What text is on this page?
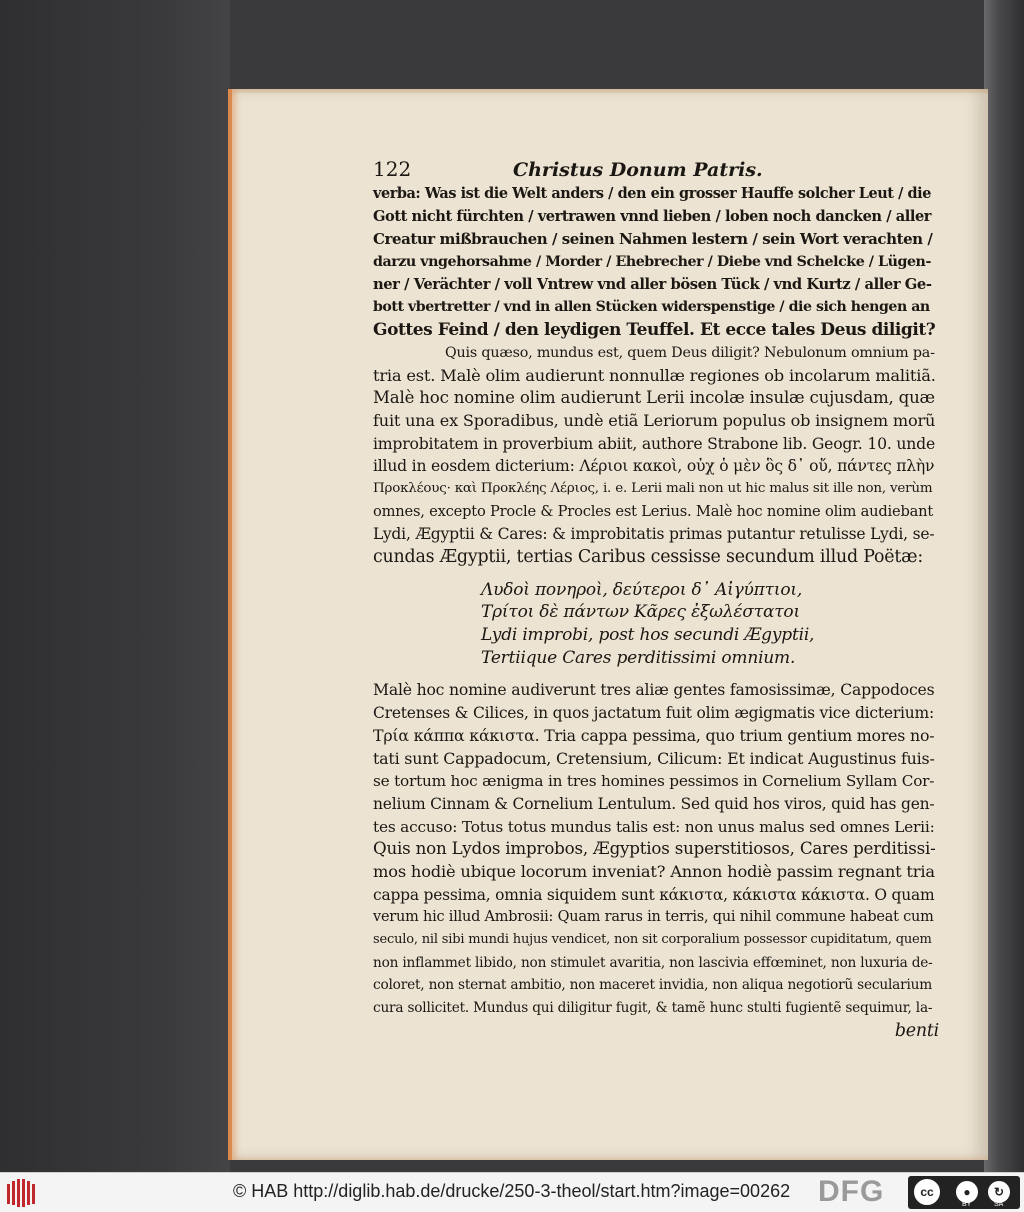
122	Christus Donum Patris.
verba: Was ist die Welt anders / den ein grosser Hauffe solcher Leut / die
Gott nicht fürchten / vertrawen vnnd lieben / loben noch dancken / aller
Creatur mißbrauchen / seinen Nahmen lestern / sein Wort verachten /
darzu vngehorsahme / Morder / Ehebrecher / Diebe vnd Schelcke / Lügen-
ner / Verächter / voll Vntrew vnd aller bösen Tück / vnd Kurtz / aller Ge-
bott vbertretter / vnd in allen Stücken widerspenstige / die sich hengen an
Gottes Feind / den leydigen Teuffel. Et ecce tales Deus diligit?
Quis quæso, mundus est, quem Deus diligit? Nebulonum omnium pa-
tria est. Malè olim audierunt nonnullæ regiones ob incolarum malitiã.
Malè hoc nomine olim audierunt Lerii incolæ insulæ cujusdam, quæ
fuit una ex Sporadibus, undè etiã Leriorum populus ob insignem morũ
improbitatem in proverbium abiit, authore Strabone lib. Geogr. 10. unde
illud in eosdem dicterium: Λέριοι κακοὶ, οὐχ ὁ μὲν ὃς δ᾽ οὔ, πάντες πλὴν
Προκλέους· καὶ Προκλέης Λέριος, i. e. Lerii mali non ut hic malus sit ille non, verùm
omnes, excepto Procle & Procles est Lerius. Malè hoc nomine olim audiebant
Lydi, Ægyptii & Cares: & improbitatis primas putantur retulisse Lydi, se-
cundas Ægyptii, tertias Caribus cessisse secundum illud Poëtæ:
Λυδοὶ πονηροὶ, δεύτεροι δ᾽ Αἰγύπτιοι,
Τρίτοι δὲ πάντων Κᾶρες ἐξωλέστατοι
Lydi improbi, post hos secundi Ægyptii,
Tertiique Cares perditissimi omnium.
Malè hoc nomine audiverunt tres aliæ gentes famosissimæ, Cappodoces
Cretenses & Cilices, in quos jactatum fuit olim ægigmatis vice dicterium:
Τρία κάππα κάκιστα. Tria cappa pessima, quo trium gentium mores no-
tati sunt Cappadocum, Cretensium, Cilicum: Et indicat Augustinus fuis-
se tortum hoc ænigma in tres homines pessimos in Cornelium Syllam Cor-
nelium Cinnam & Cornelium Lentulum. Sed quid hos viros, quid has gen-
tes accuso: Totus totus mundus talis est: non unus malus sed omnes Lerii:
Quis non Lydos improbos, Ægyptios superstitiosos, Cares perditissi-
mos hodiè ubique locorum inveniat? Annon hodiè passim regnant tria
cappa pessima, omnia siquidem sunt κάκιστα, κάκιστα κάκιστα. O quam
verum hic illud Ambrosii: Quam rarus in terris, qui nihil commune habeat cum
seculo, nil sibi mundi hujus vendicet, non sit corporalium possessor cupiditatum, quem
non inflammet libido, non stimulet avaritia, non lascivia effœminet, non luxuria de-
coloret, non sternat ambitio, non maceret invidia, non aliqua negotiorũ secularium
cura sollicitet. Mundus qui diligitur fugit, & tamẽ hunc stulti fugientẽ sequimur, la-
benti
© HAB http://diglib.hab.de/drucke/250-3-theol/start.htm?image=00262 DFG	cc	●	↻
BY	SA
